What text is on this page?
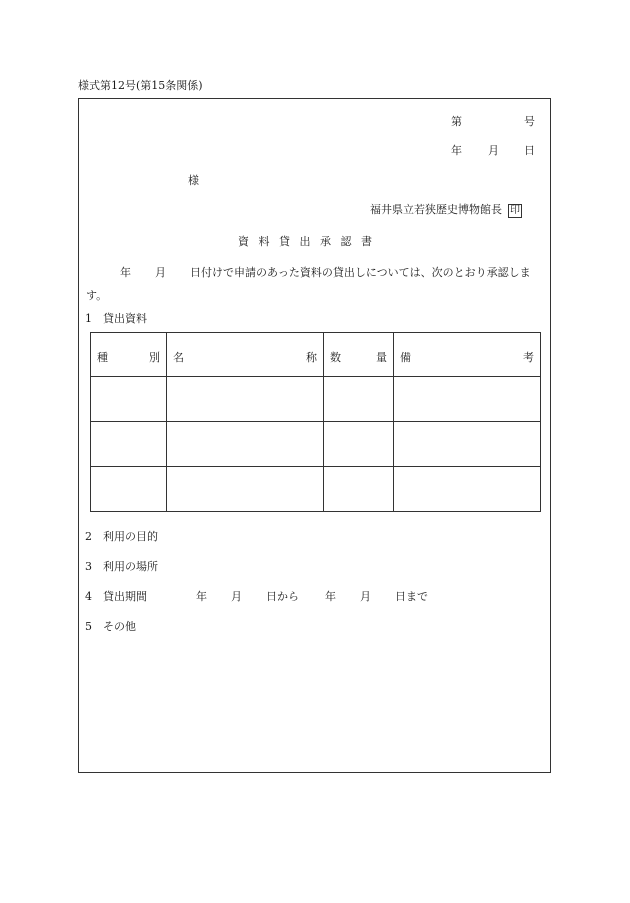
様式第12号(第15条関係)
第	号
年 月 日
様
福井県立若狭歴史博物館長 印
資 料 貸 出 承 認 書
年 月 日付けで申請のあった資料の貸出しについては、次のとおり承認しま
す。
1　貸出資料
種 別	名 称	数 量	備 考

2　利用の目的
3　利用の場所
4　貸出期間	年 月 日から 年 月 日まで
5　その他
